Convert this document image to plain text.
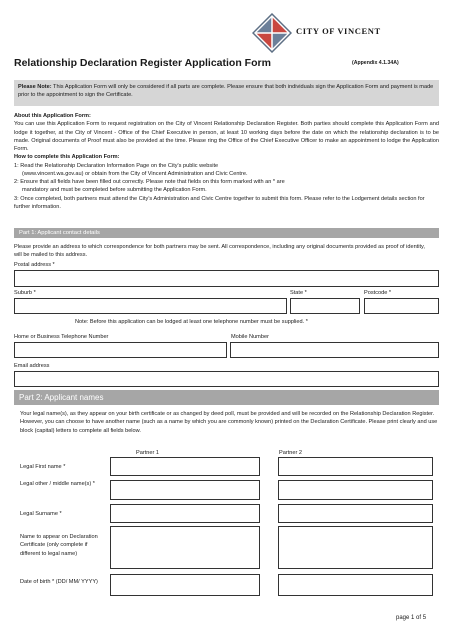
CITY OF VINCENT
Relationship Declaration Register Application Form	(Appendix 4.1.34A)
Please Note: This Application Form will only be considered if all parts are complete. Please ensure that both individuals sign the Application Form and payment is made prior to the appointment to sign the Certificate.
About this Application Form:
You can use this Application Form to request registration on the City of Vincent Relationship Declaration Register. Both parties should complete this Application Form and lodge it together, at the City of Vincent - Office of the Chief Executive in person, at least 10 working days before the date on which the relationship declaration is to be made. Original documents of Proof must also be provided at the time. Please ring the Office of the Chief Executive Officer to make an appointment to lodge the Application Form.
How to complete this Application Form:
1: Read the Relationship Declaration Information Page on the City's public website
(www.vincent.wa.gov.au) or obtain from the City of Vincent Administration and Civic Centre.
2: Ensure that all fields have been filled out correctly. Please note that fields on this form marked with an * are
mandatory and must be completed before submitting the Application Form.
3: Once completed, both partners must attend the City's Administration and Civic Centre together to submit this form. Please refer to the Lodgement details section for further information.
Part 1: Applicant contact details
Please provide an address to which correspondence for both partners may be sent. All correspondence, including any original documents provided as proof of identity, will be mailed to this address.
Postal address *
Suburb *	State *	Postcode *
Note: Before this application can be lodged at least one telephone number must be supplied. *
Home or Business Telephone Number	Mobile Number
Email address
Part 2: Applicant names
Your legal name(s), as they appear on your birth certificate or as changed by deed poll, must be provided and will be recorded on the Relationship Declaration Register. However, you can choose to have another name (such as a name by which you are commonly known) printed on the Declaration Certificate. Please print clearly and use block (capital) letters to complete all fields below.
Partner 1	Partner 2
Legal First name *
Legal other / middle name(s) *
Legal Surname *
Name to appear on Declaration Certificate (only complete if different to legal name)
Date of birth * (DD/ MM/ YYYY)
page 1 of 5
